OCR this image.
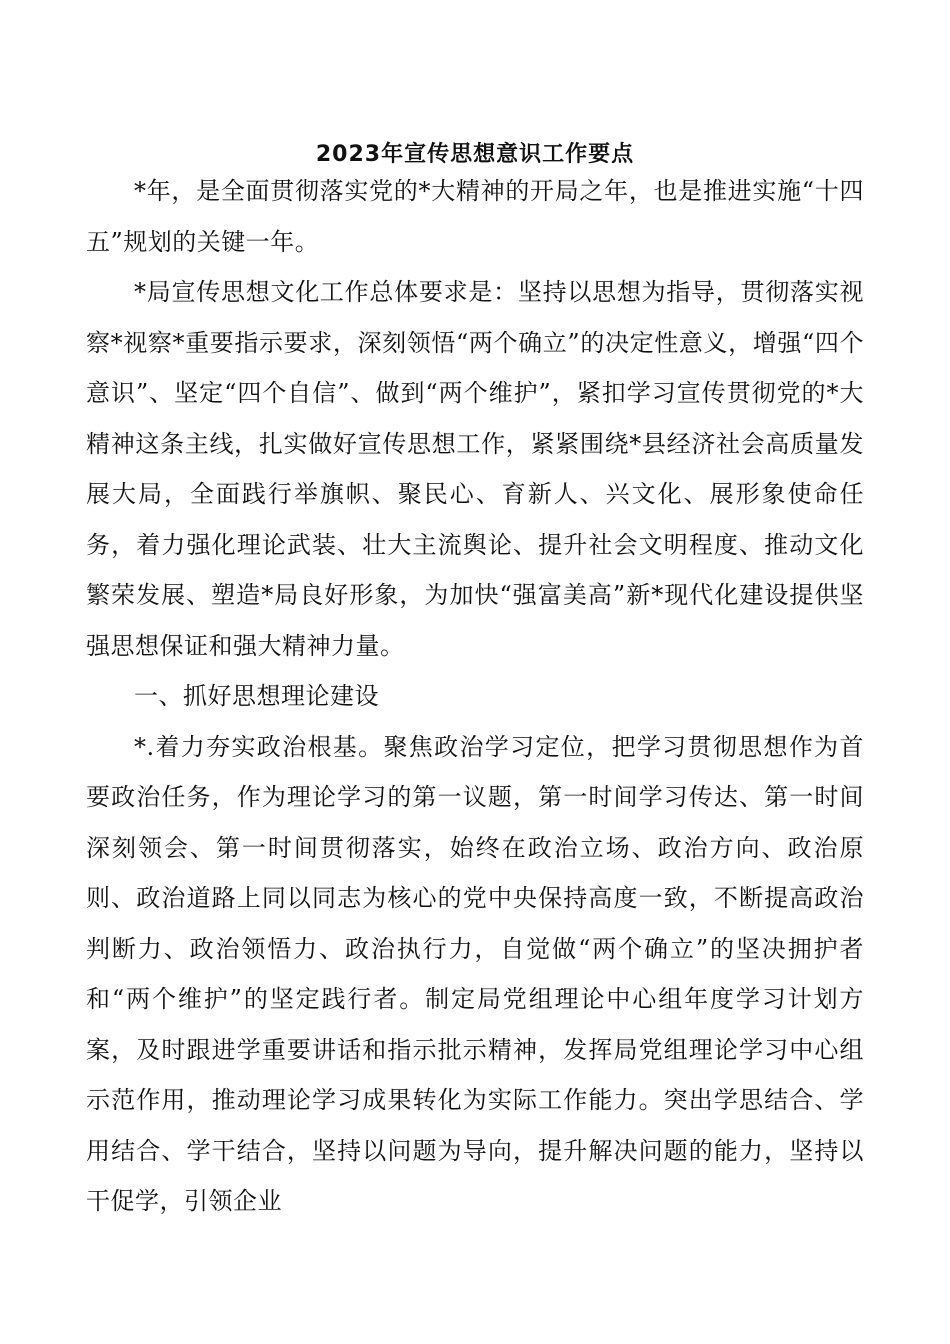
2023年宣传思想意识工作要点

*年，是全面贯彻落实党的*大精神的开局之年，也是推进实施“十四五”规划的关键一年。

*局宣传思想文化工作总体要求是：坚持以思想为指导，贯彻落实视察*视察*重要指示要求，深刻领悟“两个确立”的决定性意义，增强“四个意识”、坚定“四个自信”、做到“两个维护”，紧扣学习宣传贯彻党的*大精神这条主线，扎实做好宣传思想工作，紧紧围绕*县经济社会高质量发展大局，全面践行举旗帜、聚民心、育新人、兴文化、展形象使命任务，着力强化理论武装、壮大主流舆论、提升社会文明程度、推动文化繁荣发展、塑造*局良好形象，为加快“强富美高”新*现代化建设提供坚强思想保证和强大精神力量。

一、抓好思想理论建设

*.着力夯实政治根基。聚焦政治学习定位，把学习贯彻思想作为首要政治任务，作为理论学习的第一议题，第一时间学习传达、第一时间深刻领会、第一时间贯彻落实，始终在政治立场、政治方向、政治原则、政治道路上同以同志为核心的党中央保持高度一致，不断提高政治判断力、政治领悟力、政治执行力，自觉做“两个确立”的坚决拥护者和“两个维护”的坚定践行者。制定局党组理论中心组年度学习计划方案，及时跟进学重要讲话和指示批示精神，发挥局党组理论学习中心组示范作用，推动理论学习成果转化为实际工作能力。突出学思结合、学用结合、学干结合，坚持以问题为导向，提升解决问题的能力，坚持以干促学，引领企业
